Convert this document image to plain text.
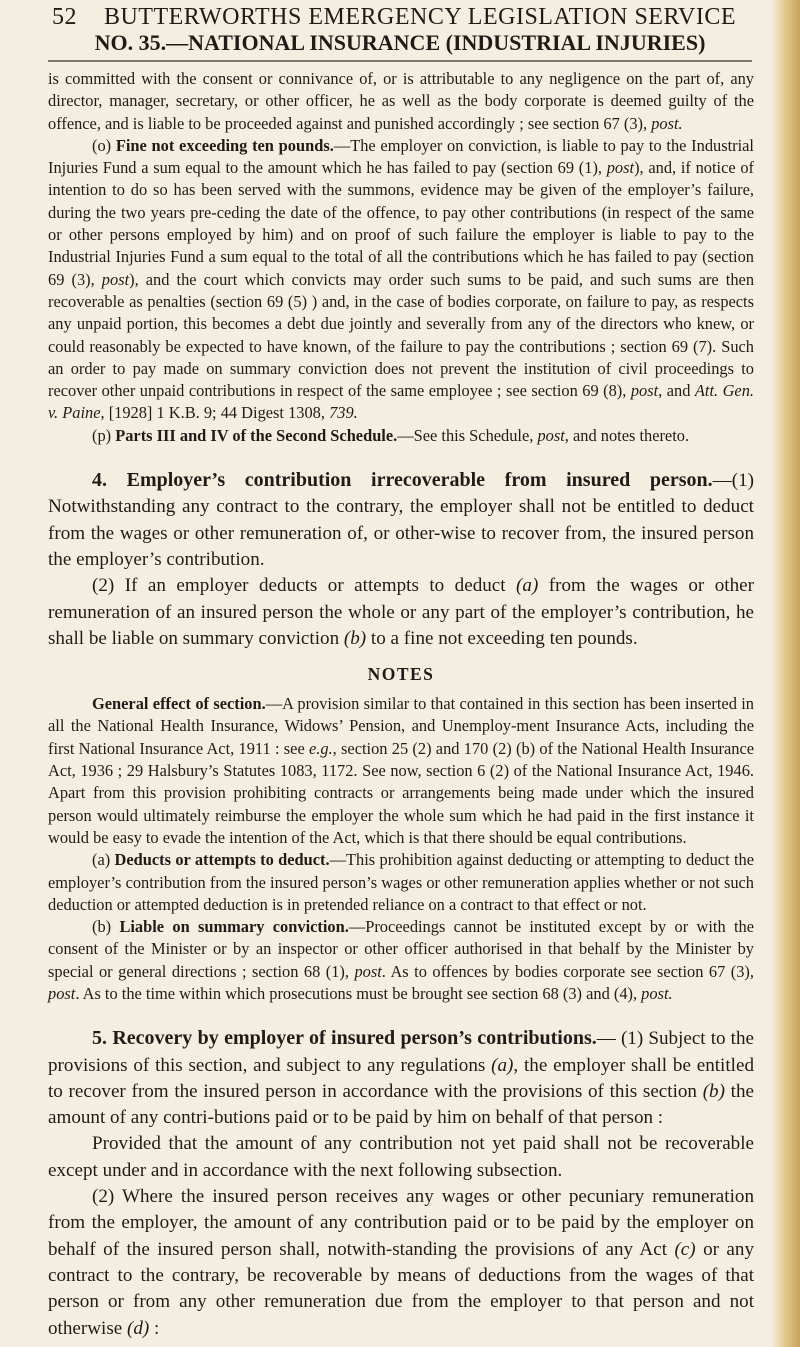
52 BUTTERWORTHS EMERGENCY LEGISLATION SERVICE
NO. 35.—NATIONAL INSURANCE (INDUSTRIAL INJURIES)

is committed with the consent or connivance of, or is attributable to any negligence on the part of, any director, manager, secretary, or other officer, he as well as the body corporate is deemed guilty of the offence, and is liable to be proceeded against and punished accordingly ; see section 67 (3), post.

(o) Fine not exceeding ten pounds.—The employer on conviction, is liable to pay to the Industrial Injuries Fund a sum equal to the amount which he has failed to pay (section 69 (1), post), and, if notice of intention to do so has been served with the summons, evidence may be given of the employer’s failure, during the two years pre-ceding the date of the offence, to pay other contributions (in respect of the same or other persons employed by him) and on proof of such failure the employer is liable to pay to the Industrial Injuries Fund a sum equal to the total of all the contributions which he has failed to pay (section 69 (3), post), and the court which convicts may order such sums to be paid, and such sums are then recoverable as penalties (section 69 (5) ) and, in the case of bodies corporate, on failure to pay, as respects any unpaid portion, this becomes a debt due jointly and severally from any of the directors who knew, or could reasonably be expected to have known, of the failure to pay the contributions ; section 69 (7). Such an order to pay made on summary conviction does not prevent the institution of civil proceedings to recover other unpaid contributions in respect of the same employee ; see section 69 (8), post, and Att. Gen. v. Paine, [1928] 1 K.B. 9; 44 Digest 1308, 739.

(p) Parts III and IV of the Second Schedule.—See this Schedule, post, and notes thereto.

4. Employer’s contribution irrecoverable from insured person.—(1) Notwithstanding any contract to the contrary, the employer shall not be entitled to deduct from the wages or other remuneration of, or other-wise to recover from, the insured person the employer’s contribution.

(2) If an employer deducts or attempts to deduct (a) from the wages or other remuneration of an insured person the whole or any part of the employer’s contribution, he shall be liable on summary conviction (b) to a fine not exceeding ten pounds.

NOTES

General effect of section.—A provision similar to that contained in this section has been inserted in all the National Health Insurance, Widows’ Pension, and Unemploy-ment Insurance Acts, including the first National Insurance Act, 1911 : see e.g., section 25 (2) and 170 (2) (b) of the National Health Insurance Act, 1936 ; 29 Halsbury’s Statutes 1083, 1172. See now, section 6 (2) of the National Insurance Act, 1946. Apart from this provision prohibiting contracts or arrangements being made under which the insured person would ultimately reimburse the employer the whole sum which he had paid in the first instance it would be easy to evade the intention of the Act, which is that there should be equal contributions.

(a) Deducts or attempts to deduct.—This prohibition against deducting or attempting to deduct the employer’s contribution from the insured person’s wages or other remuneration applies whether or not such deduction or attempted deduction is in pretended reliance on a contract to that effect or not.

(b) Liable on summary conviction.—Proceedings cannot be instituted except by or with the consent of the Minister or by an inspector or other officer authorised in that behalf by the Minister by special or general directions ; section 68 (1), post. As to offences by bodies corporate see section 67 (3), post. As to the time within which prosecutions must be brought see section 68 (3) and (4), post.

5. Recovery by employer of insured person’s contributions.— (1) Subject to the provisions of this section, and subject to any regulations (a), the employer shall be entitled to recover from the insured person in accordance with the provisions of this section (b) the amount of any contri-butions paid or to be paid by him on behalf of that person :

Provided that the amount of any contribution not yet paid shall not be recoverable except under and in accordance with the next following subsection.

(2) Where the insured person receives any wages or other pecuniary remuneration from the employer, the amount of any contribution paid or to be paid by the employer on behalf of the insured person shall, notwith-standing the provisions of any Act (c) or any contract to the contrary, be recoverable by means of deductions from the wages of that person or from any other remuneration due from the employer to that person and not otherwise (d) :
